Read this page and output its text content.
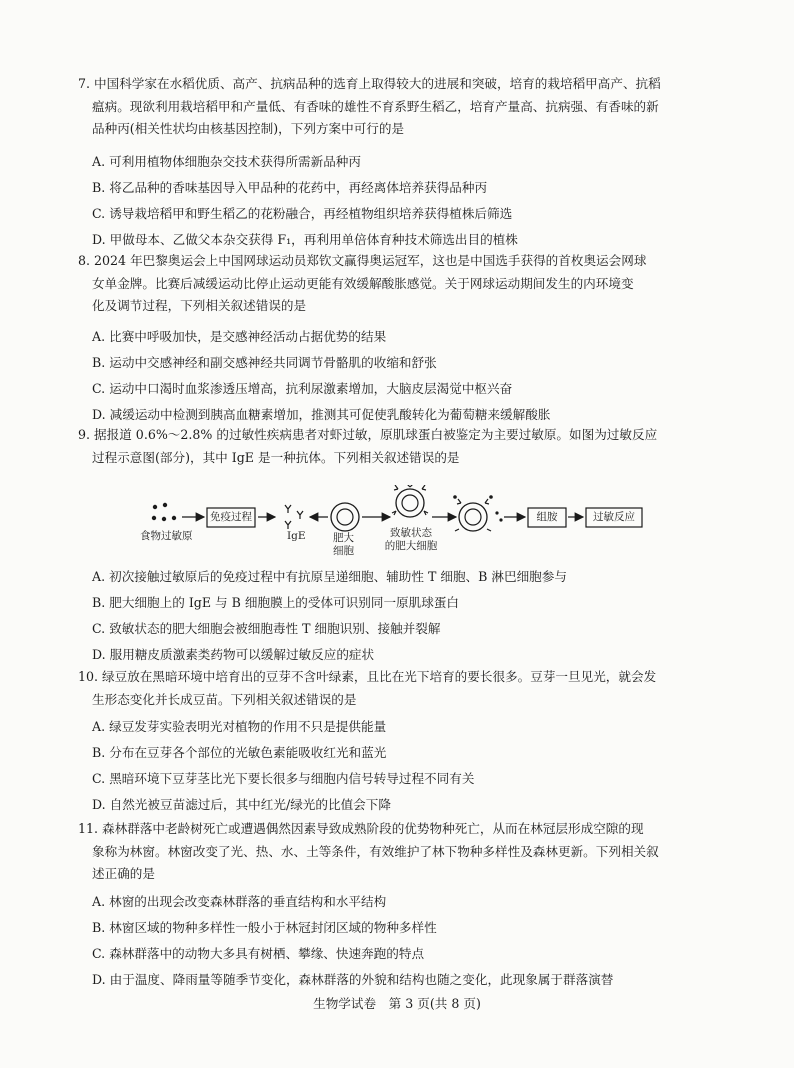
7. 中国科学家在水稻优质、高产、抗病品种的选育上取得较大的进展和突破，培育的栽培稻甲高产、抗稻
瘟病。现欲利用栽培稻甲和产量低、有香味的雄性不育系野生稻乙，培育产量高、抗病强、有香味的新
品种丙(相关性状均由核基因控制)，下列方案中可行的是
A. 可利用植物体细胞杂交技术获得所需新品种丙
B. 将乙品种的香味基因导入甲品种的花药中，再经离体培养获得品种丙
C. 诱导栽培稻甲和野生稻乙的花粉融合，再经植物组织培养获得植株后筛选
D. 甲做母本、乙做父本杂交获得 F₁，再利用单倍体育种技术筛选出目的植株
8. 2024 年巴黎奥运会上中国网球运动员郑钦文赢得奥运冠军，这也是中国选手获得的首枚奥运会网球
女单金牌。比赛后减缓运动比停止运动更能有效缓解酸胀感觉。关于网球运动期间发生的内环境变
化及调节过程，下列相关叙述错误的是
A. 比赛中呼吸加快，是交感神经活动占据优势的结果
B. 运动中交感神经和副交感神经共同调节骨骼肌的收缩和舒张
C. 运动中口渴时血浆渗透压增高，抗利尿激素增加，大脑皮层渴觉中枢兴奋
D. 减缓运动中检测到胰高血糖素增加，推测其可促使乳酸转化为葡萄糖来缓解酸胀
9. 据报道 0.6%～2.8% 的过敏性疾病患者对虾过敏，原肌球蛋白被鉴定为主要过敏原。如图为过敏反应
过程示意图(部分)，其中 IgE 是一种抗体。下列相关叙述错误的是
食物过敏原
免疫过程
IgE	肥大
细胞
致敏状态
的肥大细胞
组胺	过敏反应
A. 初次接触过敏原后的免疫过程中有抗原呈递细胞、辅助性 T 细胞、B 淋巴细胞参与
B. 肥大细胞上的 IgE 与 B 细胞膜上的受体可识别同一原肌球蛋白
C. 致敏状态的肥大细胞会被细胞毒性 T 细胞识别、接触并裂解
D. 服用糖皮质激素类药物可以缓解过敏反应的症状
10. 绿豆放在黑暗环境中培育出的豆芽不含叶绿素，且比在光下培育的要长很多。豆芽一旦见光，就会发
生形态变化并长成豆苗。下列相关叙述错误的是
A. 绿豆发芽实验表明光对植物的作用不只是提供能量
B. 分布在豆芽各个部位的光敏色素能吸收红光和蓝光
C. 黑暗环境下豆芽茎比光下要长很多与细胞内信号转导过程不同有关
D. 自然光被豆苗滤过后，其中红光/绿光的比值会下降
11. 森林群落中老龄树死亡或遭遇偶然因素导致成熟阶段的优势物种死亡，从而在林冠层形成空隙的现
象称为林窗。林窗改变了光、热、水、土等条件，有效维护了林下物种多样性及森林更新。下列相关叙
述正确的是
A. 林窗的出现会改变森林群落的垂直结构和水平结构
B. 林窗区域的物种多样性一般小于林冠封闭区域的物种多样性
C. 森林群落中的动物大多具有树栖、攀缘、快速奔跑的特点
D. 由于温度、降雨量等随季节变化，森林群落的外貌和结构也随之变化，此现象属于群落演替
生物学试卷　第 3 页(共 8 页)
